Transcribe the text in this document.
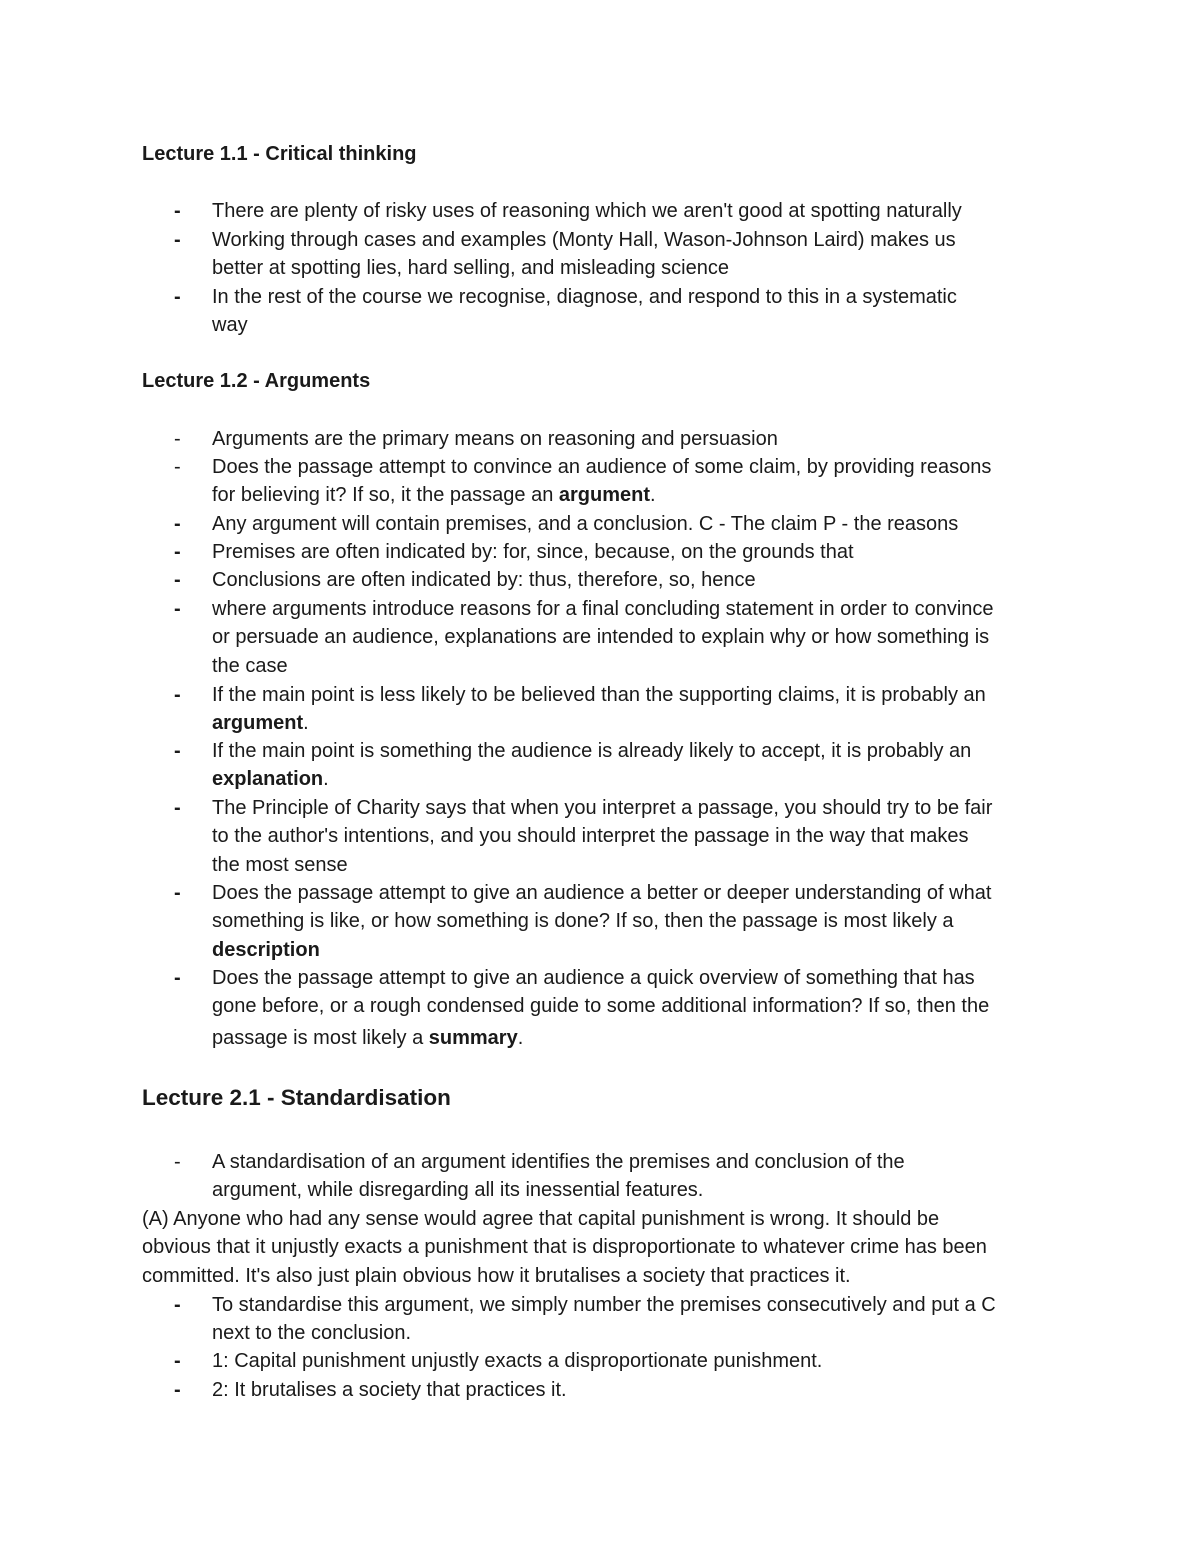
Lecture 1.1 - Critical thinking
-	There are plenty of risky uses of reasoning which we aren't good at spotting naturally
-	Working through cases and examples (Monty Hall, Wason-Johnson Laird) makes us
better at spotting lies, hard selling, and misleading science
-	In the rest of the course we recognise, diagnose, and respond to this in a systematic
way
Lecture 1.2 - Arguments
-	Arguments are the primary means on reasoning and persuasion
-	Does the passage attempt to convince an audience of some claim, by providing reasons
for believing it? If so, it the passage an argument.
-	Any argument will contain premises, and a conclusion. C - The claim P - the reasons
-	Premises are often indicated by: for, since, because, on the grounds that
-	Conclusions are often indicated by: thus, therefore, so, hence
-	where arguments introduce reasons for a final concluding statement in order to convince
or persuade an audience, explanations are intended to explain why or how something is
the case
-	If the main point is less likely to be believed than the supporting claims, it is probably an
argument.
-	If the main point is something the audience is already likely to accept, it is probably an
explanation.
-	The Principle of Charity says that when you interpret a passage, you should try to be fair
to the author's intentions, and you should interpret the passage in the way that makes
the most sense
-	Does the passage attempt to give an audience a better or deeper understanding of what
something is like, or how something is done? If so, then the passage is most likely a
description
-	Does the passage attempt to give an audience a quick overview of something that has
gone before, or a rough condensed guide to some additional information? If so, then the
passage is most likely a summary.
Lecture 2.1 - Standardisation
-	A standardisation of an argument identifies the premises and conclusion of the
argument, while disregarding all its inessential features.
(A) Anyone who had any sense would agree that capital punishment is wrong. It should be
obvious that it unjustly exacts a punishment that is disproportionate to whatever crime has been
committed. It's also just plain obvious how it brutalises a society that practices it.
-	To standardise this argument, we simply number the premises consecutively and put a C
next to the conclusion.
-	1: Capital punishment unjustly exacts a disproportionate punishment.
-	2: It brutalises a society that practices it.
